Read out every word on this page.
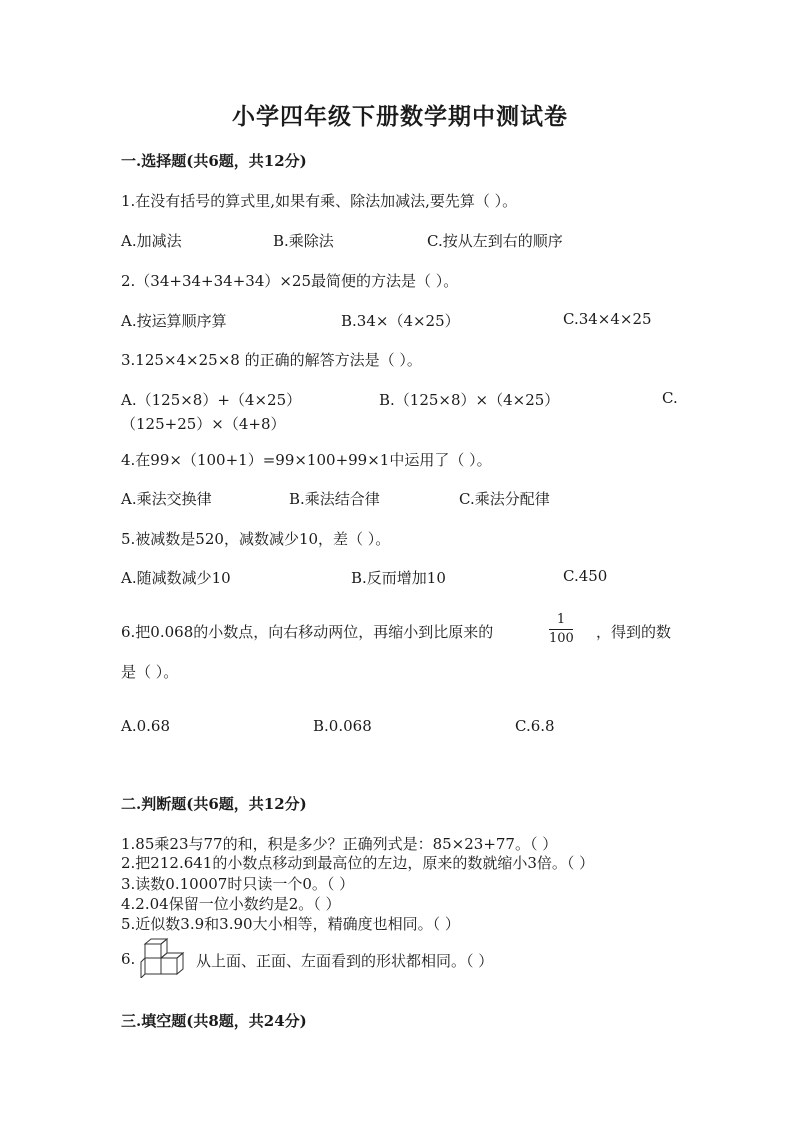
小学四年级下册数学期中测试卷
一.选择题(共6题，共12分)
1.在没有括号的算式里,如果有乘、除法加减法,要先算（ ）。
A.加减法	B.乘除法	C.按从左到右的顺序
2.（34+34+34+34）×25最简便的方法是（ ）。
A.按运算顺序算	B.34×（4×25）	C.34×4×25
3.125×4×25×8 的正确的解答方法是（ ）。
A.（125×8）+（4×25）	B.（125×8）×（4×25）	C.
（125+25）×（4+8）
4.在99×（100+1）=99×100+99×1中运用了（ ）。
A.乘法交换律	B.乘法结合律	C.乘法分配律
5.被减数是520，减数减少10，差（ ）。
A.随减数减少10	B.反而增加10	C.450
6.把0.068的小数点，向右移动两位，再缩小到比原来的
1
100 ，得到的数
是（ ）。
A.0.68	B.0.068	C.6.8
二.判断题(共6题，共12分)
1.85乘23与77的和，积是多少？正确列式是：85×23+77。（ ）
2.把212.641的小数点移动到最高位的左边，原来的数就缩小3倍。（ ）
3.读数0.10007时只读一个0。（ ）
4.2.04保留一位小数约是2。（ ）
5.近似数3.9和3.90大小相等，精确度也相同。（ ）
6.	从上面、正面、左面看到的形状都相同。（ ）
三.填空题(共8题，共24分)
